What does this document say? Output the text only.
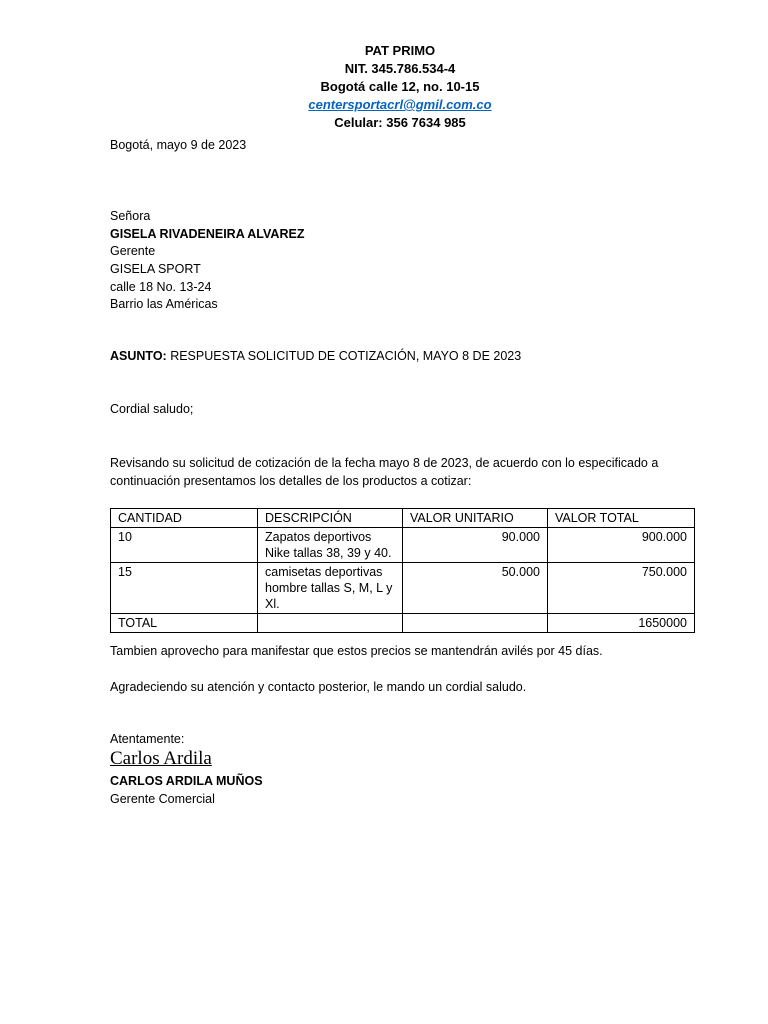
PAT PRIMO
NIT. 345.786.534-4
Bogotá calle 12, no. 10-15
centersportacrl@gmil.com.co
Celular: 356 7634 985
Bogotá, mayo 9 de 2023
Señora
GISELA RIVADENEIRA ALVAREZ
Gerente
GISELA SPORT
calle 18 No. 13-24
Barrio las Américas
ASUNTO: RESPUESTA SOLICITUD DE COTIZACIÓN, MAYO 8 DE 2023
Cordial saludo;
Revisando su solicitud de cotización de la fecha mayo 8 de 2023, de acuerdo con lo especificado a
continuación presentamos los detalles de los productos a cotizar:
CANTIDAD	DESCRIPCIÓN	VALOR UNITARIO	VALOR TOTAL
10	Zapatos deportivos Nike tallas 38, 39 y 40.	90.000	900.000
15	camisetas deportivas hombre tallas S, M, L y Xl.	50.000	750.000
TOTAL			1650000
Tambien aprovecho para manifestar que estos precios se mantendrán avilés por 45 días.
Agradeciendo su atención y contacto posterior, le mando un cordial saludo.
Atentamente:
Carlos Ardila
CARLOS ARDILA MUÑOS
Gerente Comercial
